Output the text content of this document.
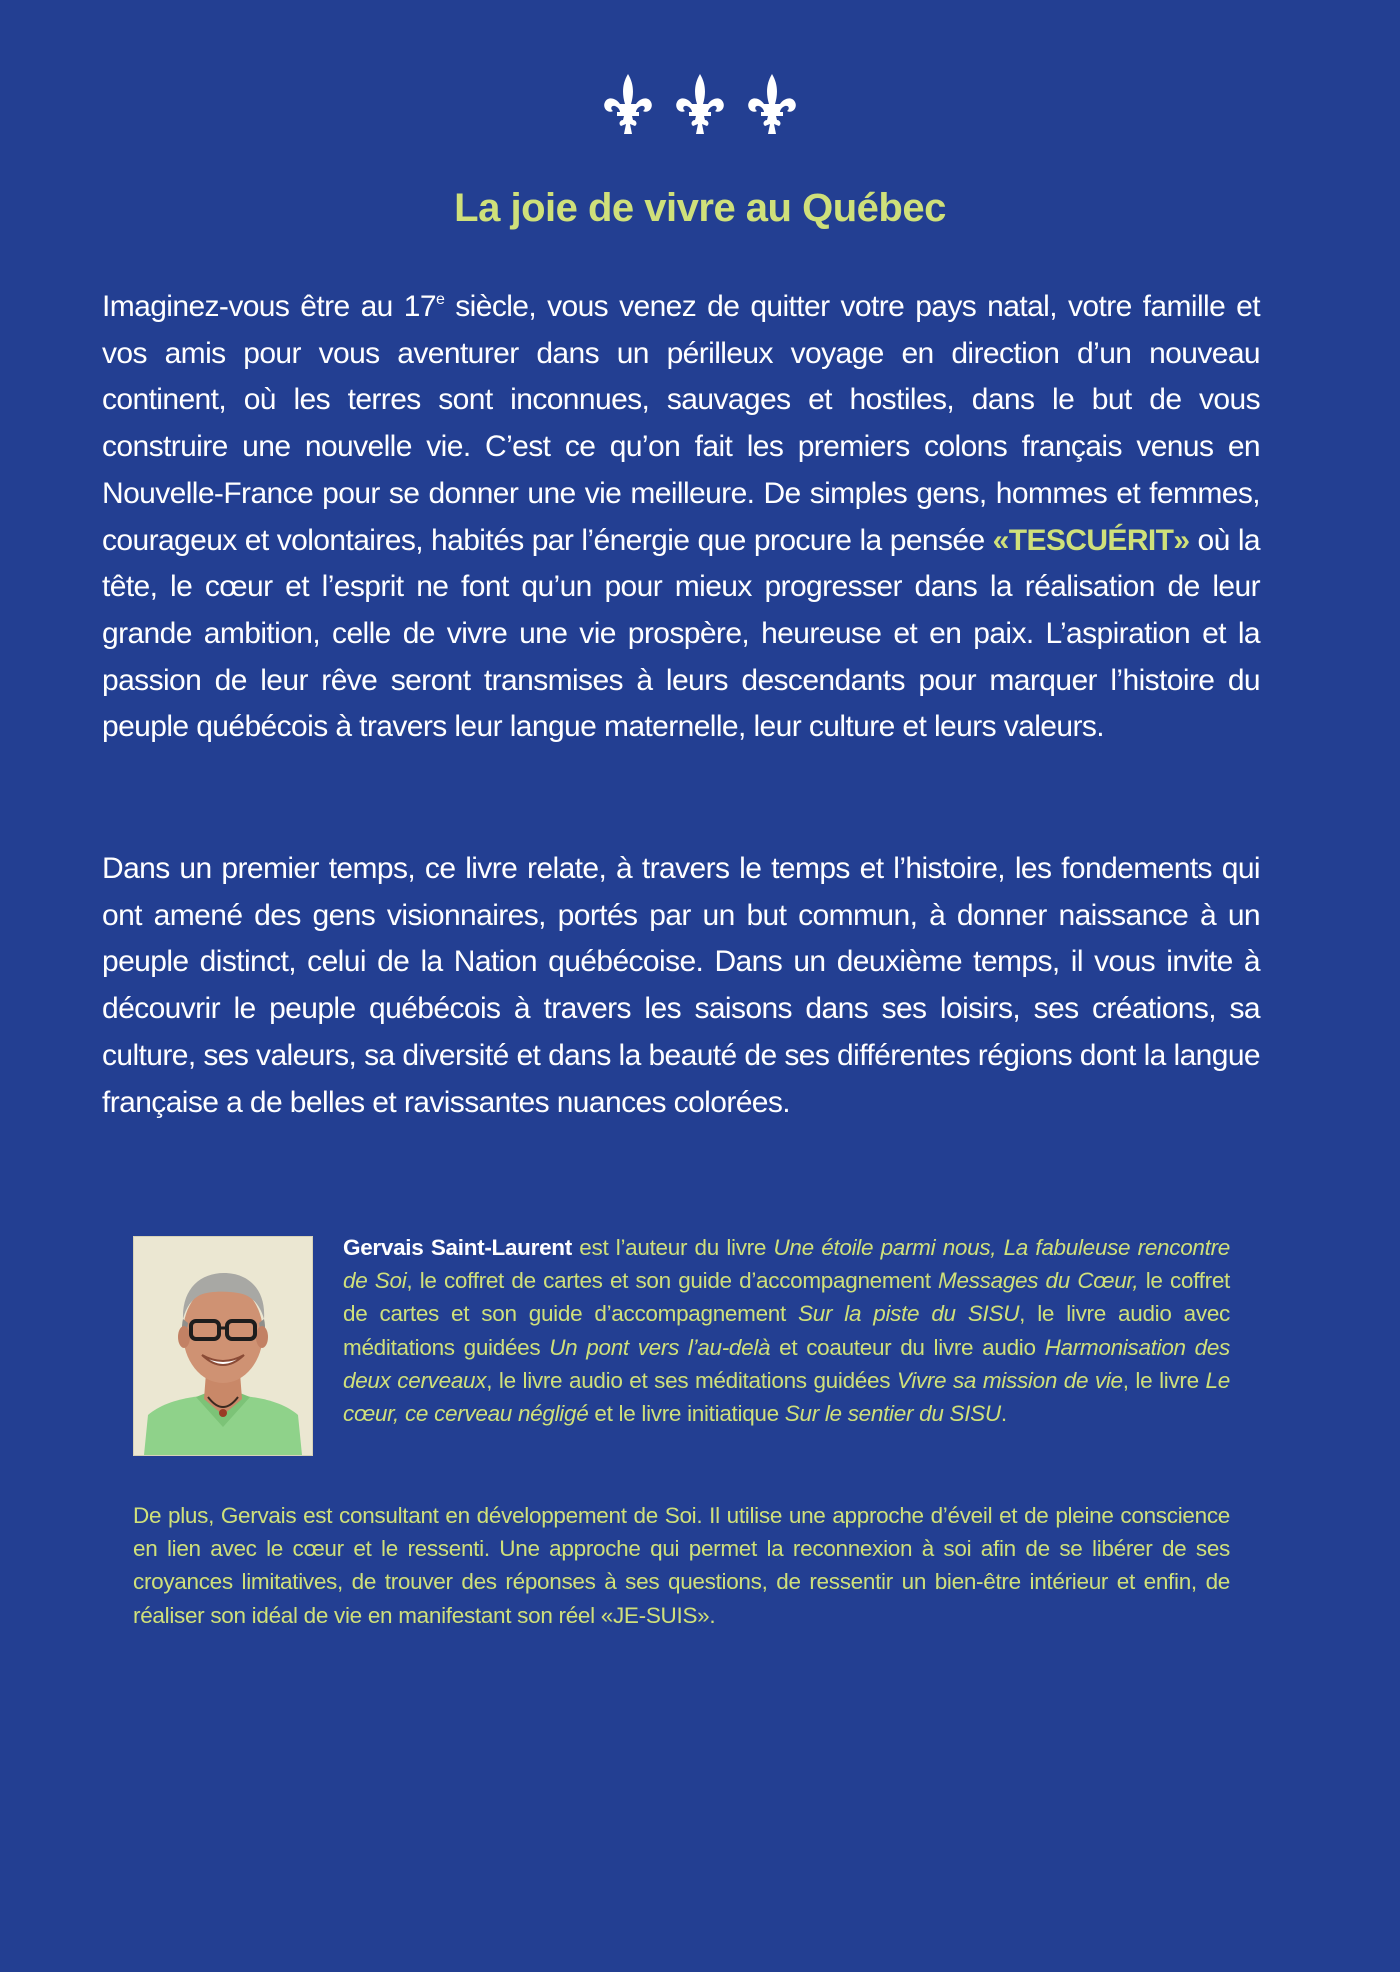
La joie de vivre au Québec

Imaginez-vous être au 17e siècle, vous venez de quitter votre pays natal, votre famille et vos amis pour vous aventurer dans un périlleux voyage en direction d’un nouveau continent, où les terres sont inconnues, sauvages et hostiles, dans le but de vous construire une nouvelle vie. C’est ce qu’on fait les premiers colons français venus en Nouvelle-France pour se donner une vie meilleure. De simples gens, hommes et femmes, courageux et volontaires, habités par l’énergie que procure la pensée «TESCUÉRIT» où la tête, le cœur et l’esprit ne font qu’un pour mieux progresser dans la réalisation de leur grande ambition, celle de vivre une vie prospère, heureuse et en paix. L’aspiration et la passion de leur rêve seront transmises à leurs descendants pour marquer l’histoire du peuple québécois à travers leur langue maternelle, leur culture et leurs valeurs.

Dans un premier temps, ce livre relate, à travers le temps et l’histoire, les fondements qui ont amené des gens visionnaires, portés par un but commun, à donner naissance à un peuple distinct, celui de la Nation québécoise. Dans un deuxième temps, il vous invite à découvrir le peuple québécois à travers les saisons dans ses loisirs, ses créations, sa culture, ses valeurs, sa diversité et dans la beauté de ses différentes régions dont la langue française a de belles et ravissantes nuances colorées.

Gervais Saint-Laurent est l’auteur du livre Une étoile parmi nous, La fabuleuse rencontre de Soi, le coffret de cartes et son guide d’accompagnement Messages du Cœur, le coffret de cartes et son guide d’accompagnement Sur la piste du SISU, le livre audio avec méditations guidées Un pont vers l’au-delà et coauteur du livre audio Harmonisation des deux cerveaux, le livre audio et ses méditations guidées Vivre sa mission de vie, le livre Le cœur, ce cerveau négligé et le livre initiatique Sur le sentier du SISU.

De plus, Gervais est consultant en développement de Soi. Il utilise une approche d’éveil et de pleine conscience en lien avec le cœur et le ressenti. Une approche qui permet la reconnexion à soi afin de se libérer de ses croyances limitatives, de trouver des réponses à ses questions, de ressentir un bien-être intérieur et enfin, de réaliser son idéal de vie en manifestant son réel «JE-SUIS».
